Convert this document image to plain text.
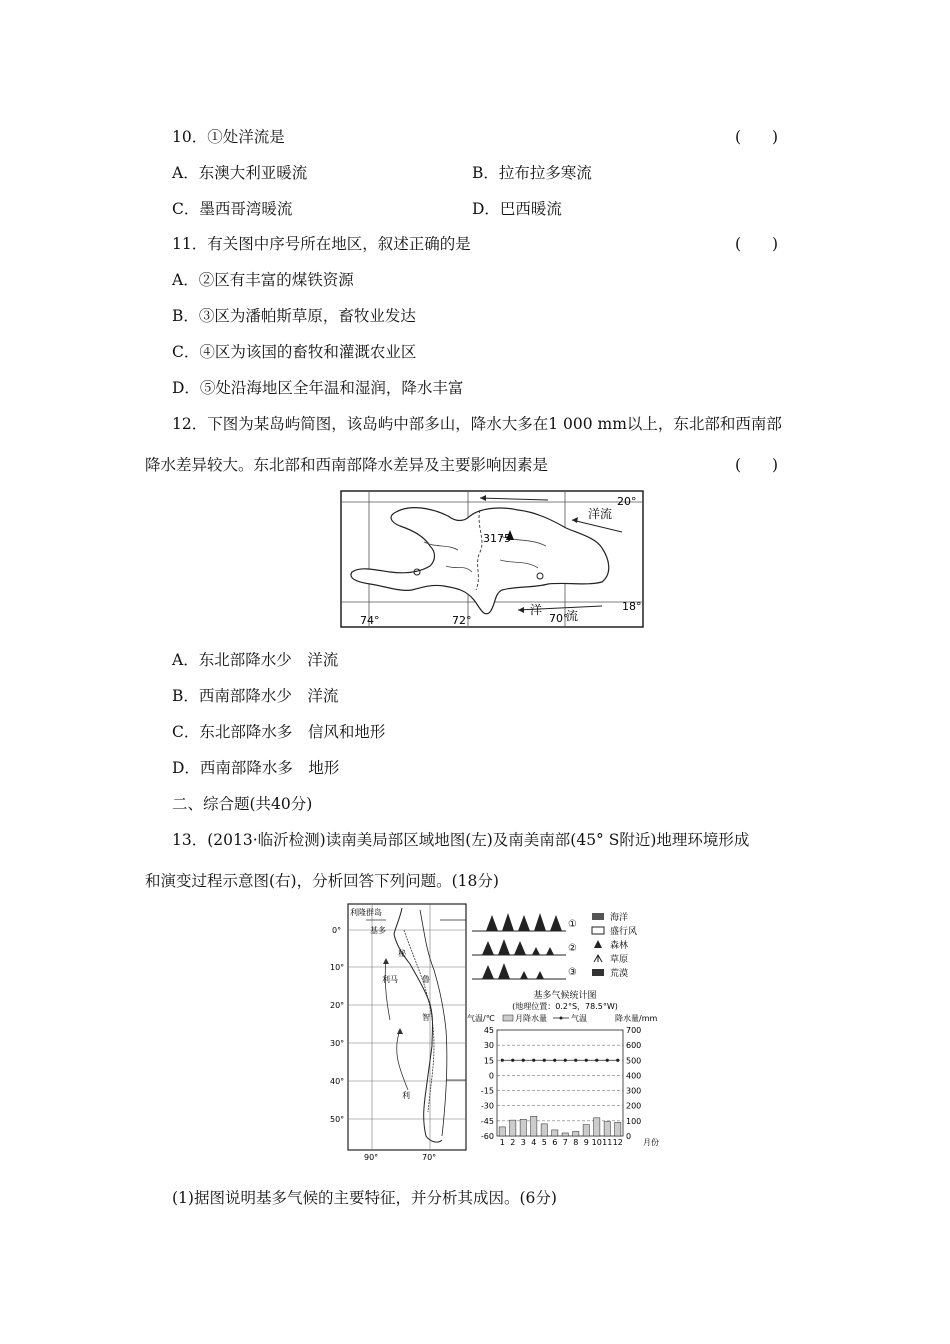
10．①处洋流是	(　　)
A．东澳大利亚暖流	B．拉布拉多寒流
C．墨西哥湾暖流	D．巴西暖流
11．有关图中序号所在地区，叙述正确的是	(　　)
A．②区有丰富的煤铁资源
B．③区为潘帕斯草原，畜牧业发达
C．④区为该国的畜牧和灌溉农业区
D．⑤处沿海地区全年温和湿润，降水丰富
12．下图为某岛屿简图，该岛屿中部多山，降水大多在1 000 mm以上，东北部和西南部
降水差异较大。东北部和西南部降水差异及主要影响因素是	(　　)
20°
18°
74°	72°	70°
3175
洋流
洋 流
A．东北部降水少　洋流
B．西南部降水少　洋流
C．东北部降水多　信风和地形
D．西南部降水多　地形
二、综合题(共40分)
13．(2013·临沂检测)读南美局部区域地图(左)及南美南部(45° S附近)地理环境形成
和演变过程示意图(右)，分析回答下列问题。(18分)
利隆群岛
基多
秘
利马	鲁
智
利
0°
10°
20°
30°
40°
50°
90°	70°
①
②
③
海洋
盛行风
森林
草原
荒漠
基多气候统计图
(地理位置：0.2°S，78.5°W)
气温/℃	月降水量	气温	降水量/mm
45
30
15
0
-15
-30
-45
-60
700
600
500
400
300
200
100
0
1 2 3 4 5 6 7 8 9 10 11 12	月份
(1)据图说明基多气候的主要特征，并分析其成因。(6分)
